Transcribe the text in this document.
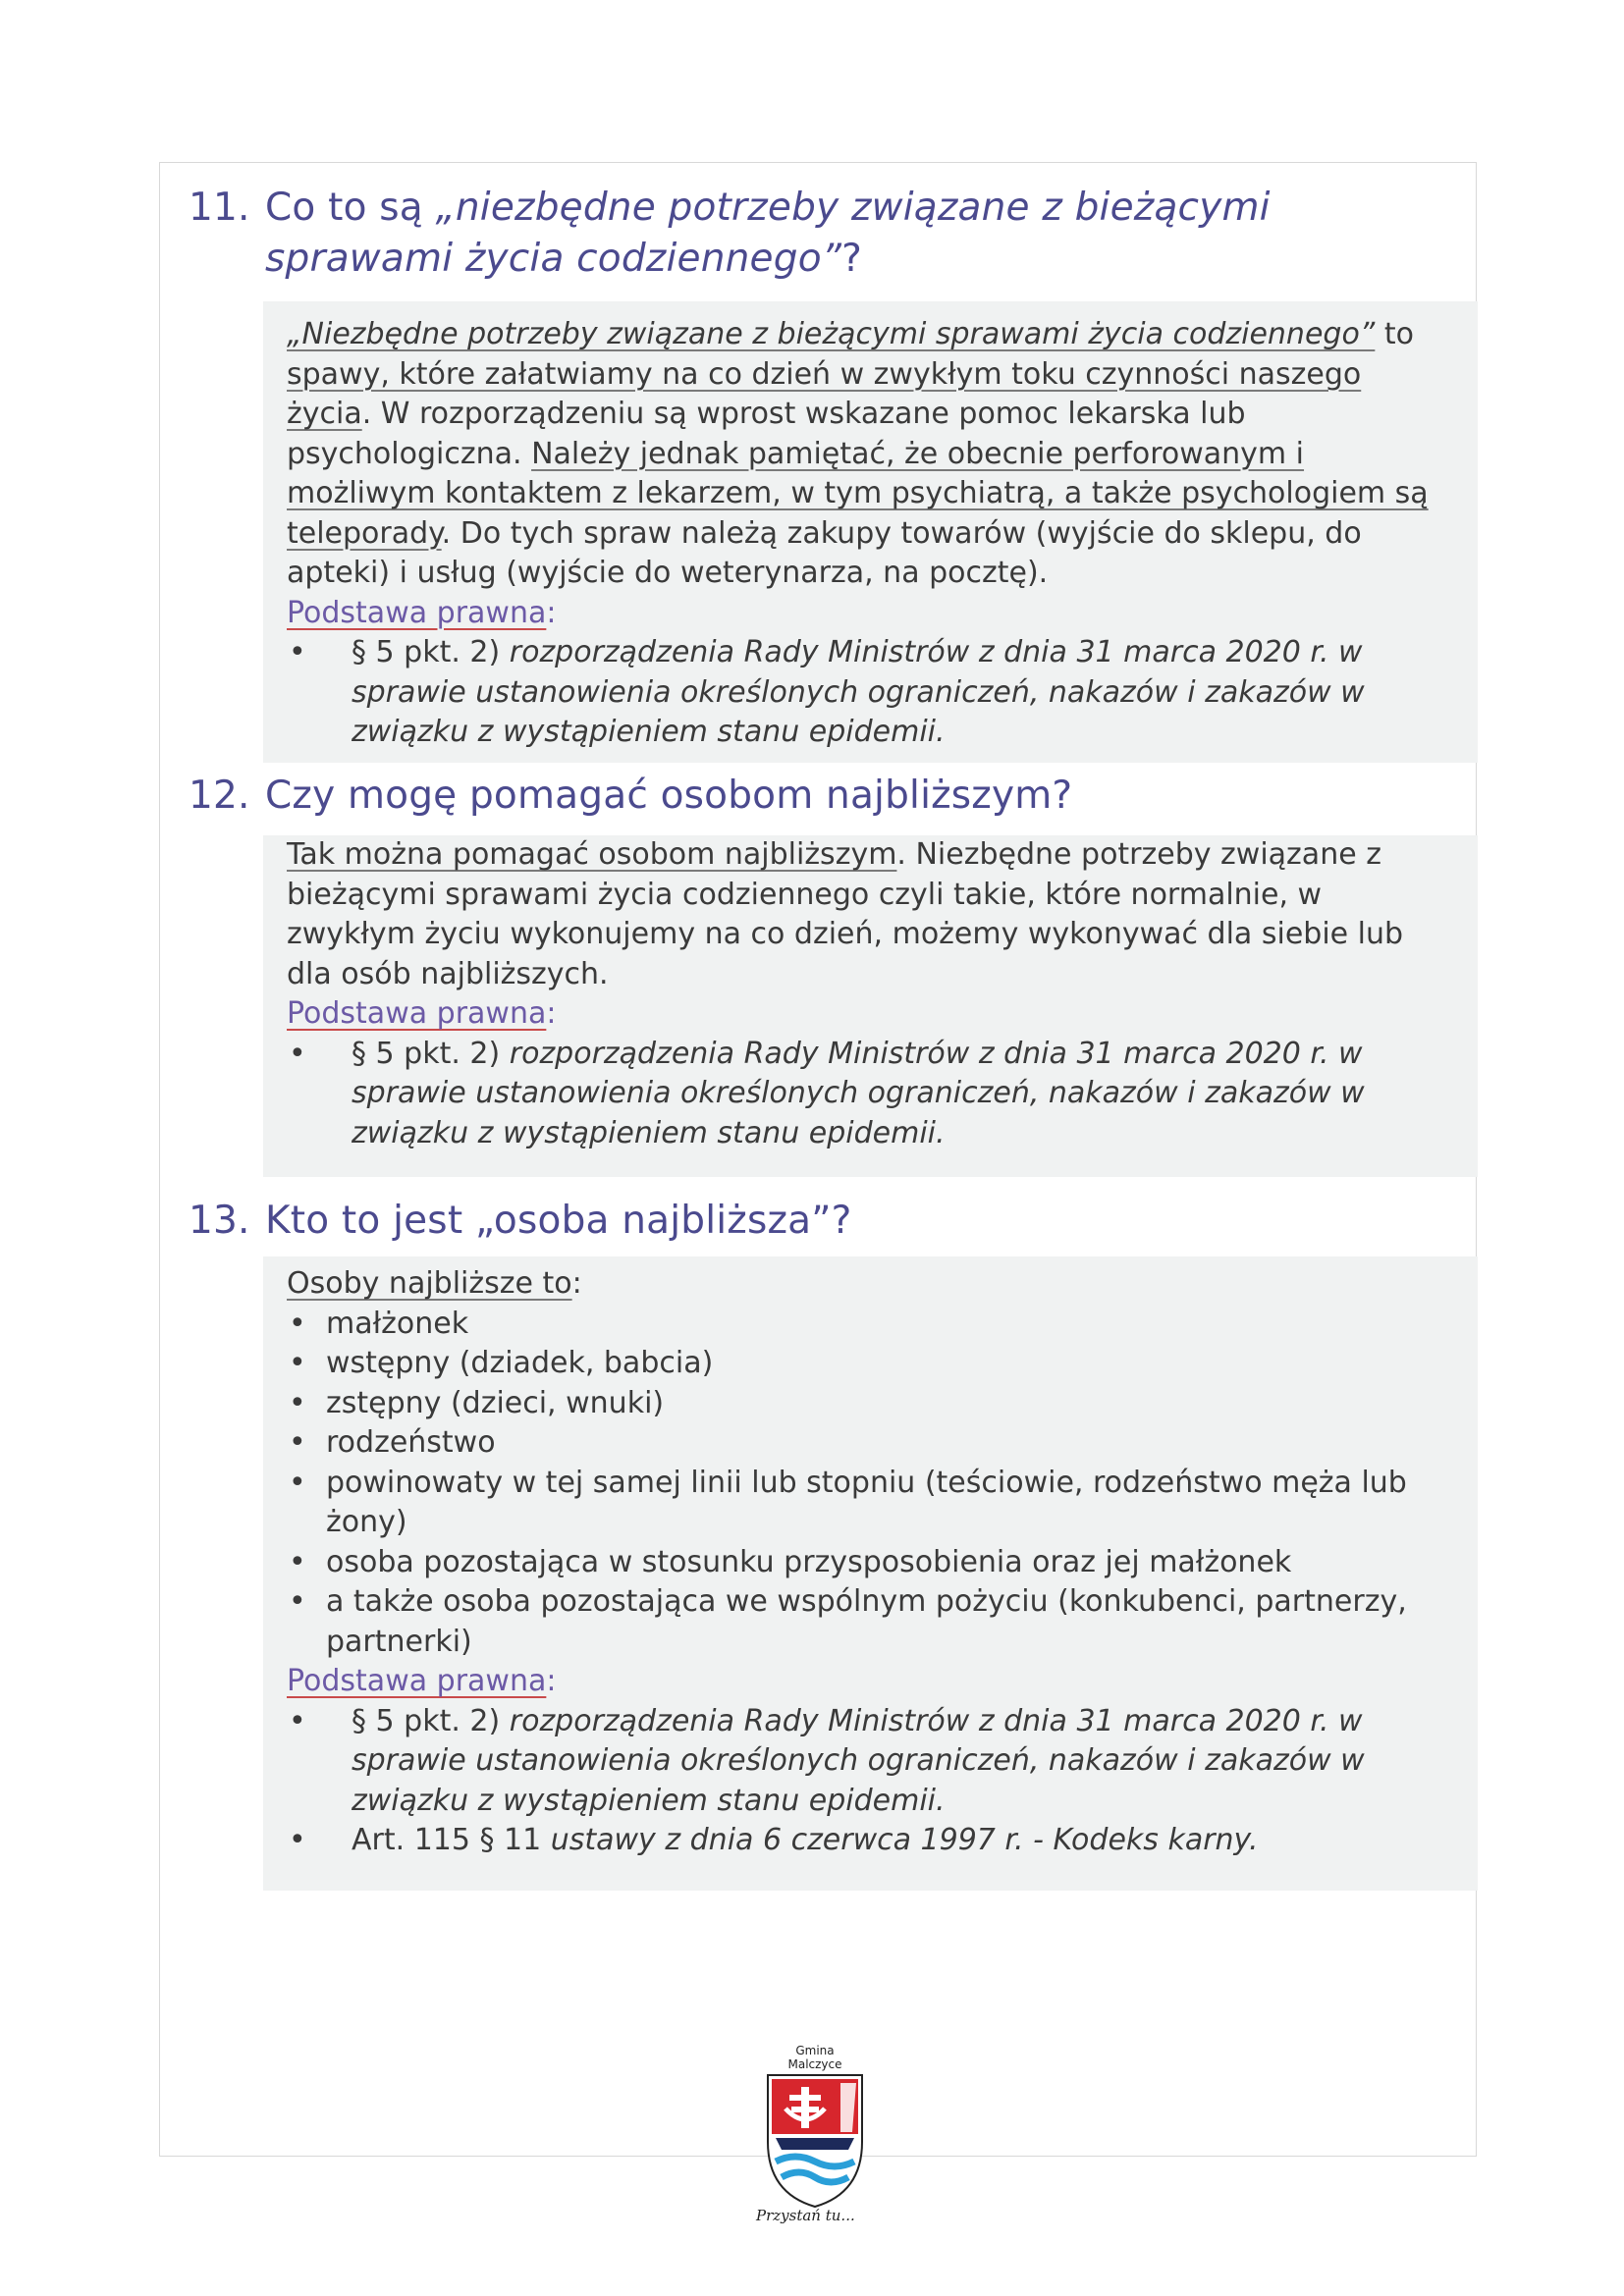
11. Co to są „niezbędne potrzeby związane z bieżącymi
sprawami życia codziennego”?

„Niezbędne potrzeby związane z bieżącymi sprawami życia codziennego” to spawy, które załatwiamy na co dzień w zwykłym toku czynności naszego życia. W rozporządzeniu są wprost wskazane pomoc lekarska lub psychologiczna. Należy jednak pamiętać, że obecnie perforowanym i możliwym kontaktem z lekarzem, w tym psychiatrą, a także psychologiem są teleporady. Do tych spraw należą zakupy towarów (wyjście do sklepu, do apteki) i usług (wyjście do weterynarza, na pocztę).

Podstawa prawna:

•	§ 5 pkt. 2) rozporządzenia Rady Ministrów z dnia 31 marca 2020 r. w sprawie ustanowienia określonych ograniczeń, nakazów i zakazów w związku z wystąpieniem stanu epidemii.
12. Czy mogę pomagać osobom najbliższym?

Tak można pomagać osobom najbliższym. Niezbędne potrzeby związane z bieżącymi sprawami życia codziennego czyli takie, które normalnie, w zwykłym życiu wykonujemy na co dzień, możemy wykonywać dla siebie lub dla osób najbliższych.

Podstawa prawna:

•	§ 5 pkt. 2) rozporządzenia Rady Ministrów z dnia 31 marca 2020 r. w sprawie ustanowienia określonych ograniczeń, nakazów i zakazów w związku z wystąpieniem stanu epidemii.
13. Kto to jest „osoba najbliższa”?

Osoby najbliższe to:

• małżonek
• wstępny (dziadek, babcia)
• zstępny (dzieci, wnuki)
• rodzeństwo
• powinowaty w tej samej linii lub stopniu (teściowie, rodzeństwo męża lub żony)
• osoba pozostająca w stosunku przysposobienia oraz jej małżonek
• a także osoba pozostająca we wspólnym pożyciu (konkubenci, partnerzy, partnerki)

Podstawa prawna:

•	§ 5 pkt. 2) rozporządzenia Rady Ministrów z dnia 31 marca 2020 r. w sprawie ustanowienia określonych ograniczeń, nakazów i zakazów w związku z wystąpieniem stanu epidemii.
•	Art. 115 § 11 ustawy z dnia 6 czerwca 1997 r. - Kodeks karny.
Gmina
Malczyce
Przystań tu...
